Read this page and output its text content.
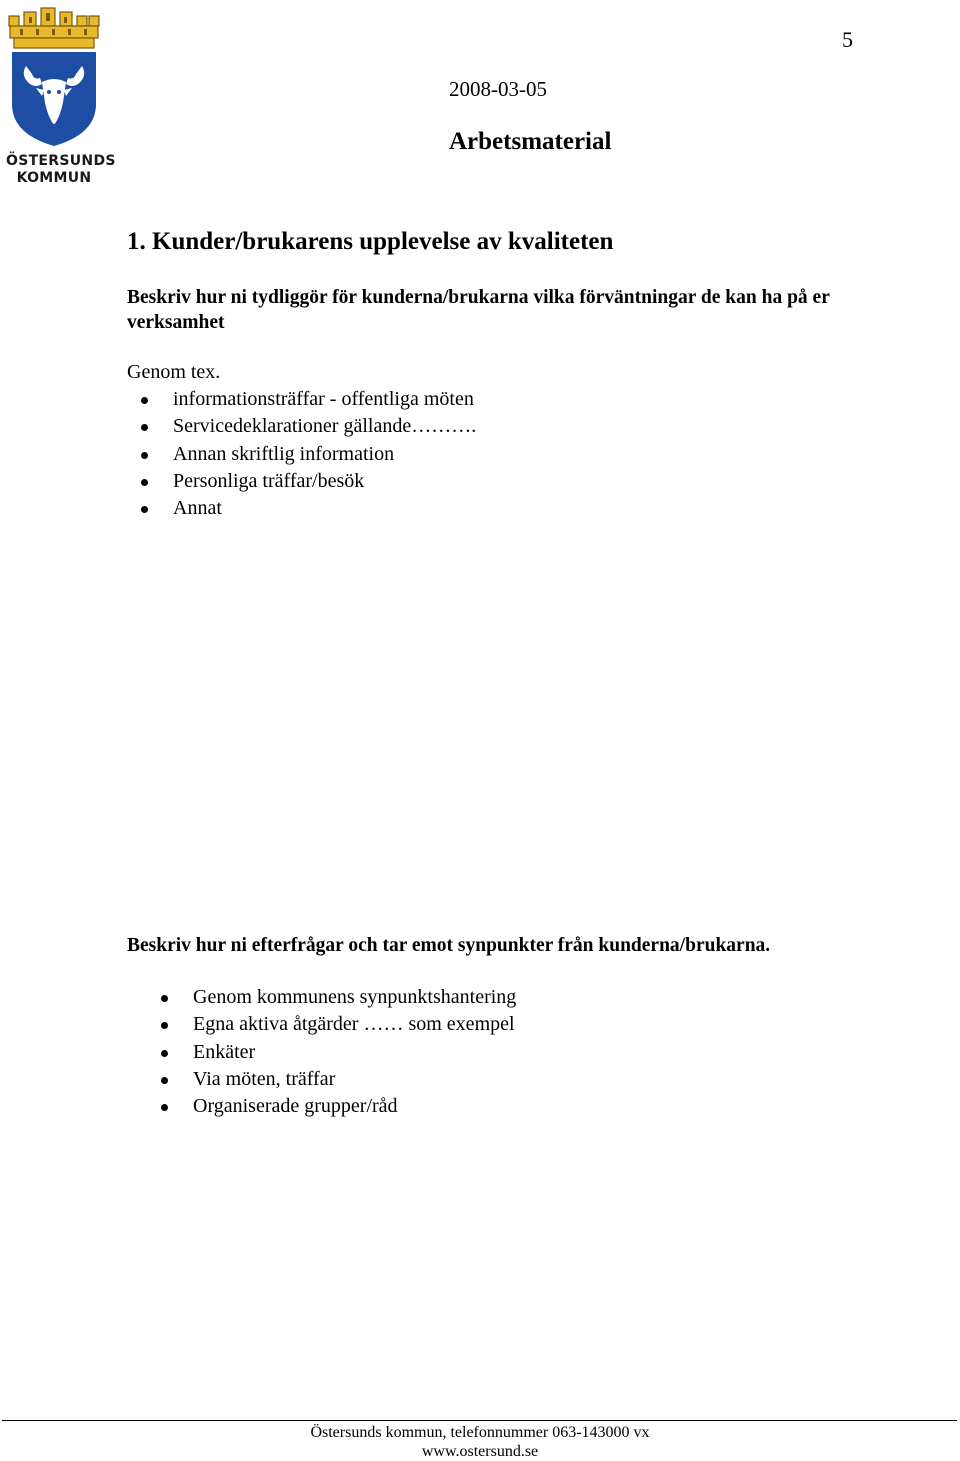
ÖSTERSUNDS
KOMMUN
5
2008-03-05
Arbetsmaterial
1. Kunder/brukarens upplevelse av kvaliteten
Beskriv hur ni tydliggör för kunderna/brukarna vilka förväntningar de kan ha på er
verksamhet
Genom tex.
informationsträffar - offentliga möten
Servicedeklarationer gällande……….
Annan skriftlig information
Personliga träffar/besök
Annat
Beskriv hur ni efterfrågar och tar emot synpunkter från kunderna/brukarna.
Genom kommunens synpunktshantering
Egna aktiva åtgärder …… som exempel
Enkäter
Via möten, träffar
Organiserade grupper/råd
Östersunds kommun, telefonnummer 063-143000 vx
www.ostersund.se
